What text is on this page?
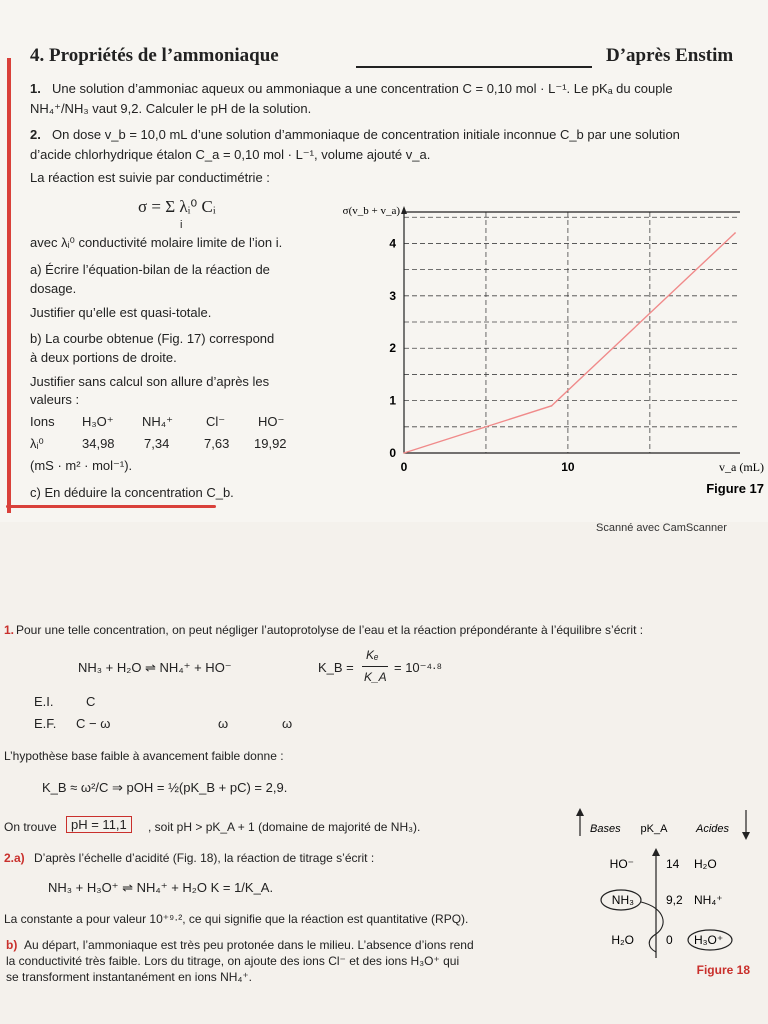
4. Propriétés de l’ammoniaque	D’après Enstim
1. Une solution d’ammoniac aqueux ou ammoniaque a une concentration C = 0,10 mol · L⁻¹. Le pKₐ du couple
NH₄⁺/NH₃ vaut 9,2. Calculer le pH de la solution.
2. On dose v_b = 10,0 mL d’une solution d’ammoniaque de concentration initiale inconnue C_b par une solution
d’acide chlorhydrique étalon C_a = 0,10 mol · L⁻¹, volume ajouté v_a.
La réaction est suivie par conductimétrie :
σ = Σ λᵢ⁰ Cᵢ
i
avec λᵢ⁰ conductivité molaire limite de l’ion i.
a) Écrire l’équation-bilan de la réaction de
dosage.
Justifier qu’elle est quasi-totale.
b) La courbe obtenue (Fig. 17) correspond
à deux portions de droite.
Justifier sans calcul son allure d’après les
valeurs :
Ions H₃O⁺ NH₄⁺	Cl⁻	HO⁻
λᵢ⁰	34,98 7,34	7,63 19,92
(mS · m² · mol⁻¹).
c) En déduire la concentration C_b.
0
1
2
3
4
0	10
σ(v_b + v_a)
v_a (mL)
Figure 17
Scanné avec CamScanner
1. Pour une telle concentration, on peut négliger l’autoprotolyse de l’eau et la réaction prépondérante à l’équilibre s’écrit :
NH₃ + H₂O ⇌ NH₄⁺ + HO⁻	K_B =
Kₑ
K_A
= 10⁻⁴·⁸
E.I. C
E.F. C − ω	ω	ω
L’hypothèse base faible à avancement faible donne :
K_B ≈ ω²/C ⇒ pOH = ½(pK_B + pC) = 2,9.
On trouve	pH = 11,1	, soit pH > pK_A + 1 (domaine de majorité de NH₃).
2.a) D’après l’échelle d’acidité (Fig. 18), la réaction de titrage s’écrit :
NH₃ + H₃O⁺ ⇌ NH₄⁺ + H₂O K = 1/K_A.
La constante a pour valeur 10⁺⁹·², ce qui signifie que la réaction est quantitative (RPQ).
b) Au départ, l’ammoniaque est très peu protonée dans le milieu. L’absence d’ions rend
la conductivité très faible. Lors du titrage, on ajoute des ions Cl⁻ et des ions H₃O⁺ qui
se transforment instantanément en ions NH₄⁺.
Bases pK_A	Acides
HO⁻	14 H₂O
NH₃	9,2 NH₄⁺
H₂O	0 H₃O⁺
Figure 18
